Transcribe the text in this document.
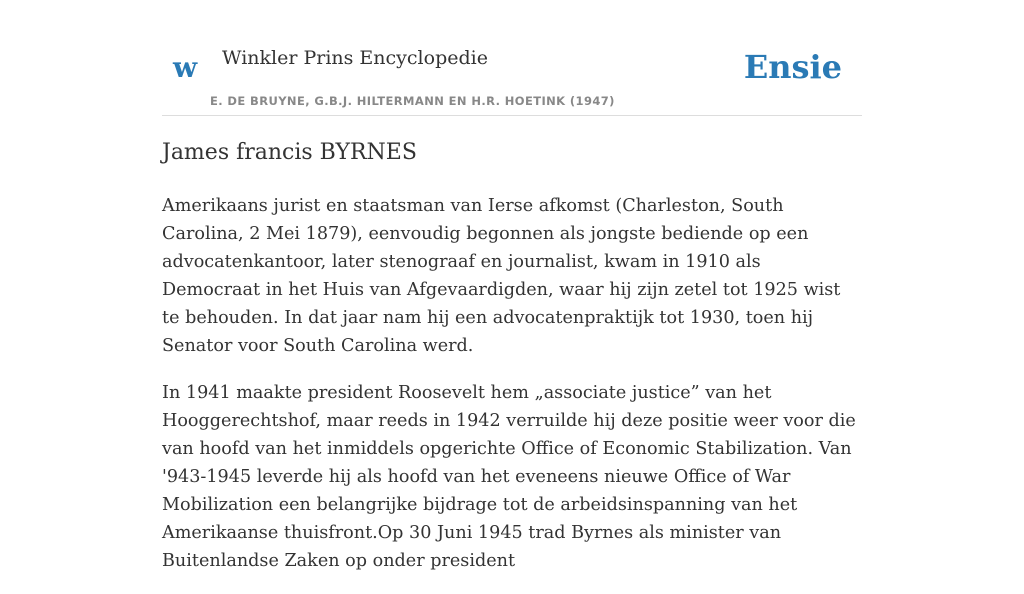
w Winkler Prins Encyclopedie
E. DE BRUYNE, G.B.J. HILTERMANN EN H.R. HOETINK (1947)
Ensie
James francis BYRNES

Amerikaans jurist en staatsman van Ierse afkomst (Charleston, South Carolina, 2 Mei 1879), eenvoudig begonnen als jongste bediende op een advocatenkantoor, later stenograaf en journalist, kwam in 1910 als Democraat in het Huis van Afgevaardigden, waar hij zijn zetel tot 1925 wist te behouden. In dat jaar nam hij een advocatenpraktijk tot 1930, toen hij Senator voor South Carolina werd.

In 1941 maakte president Roosevelt hem „associate justice” van het Hooggerechtshof, maar reeds in 1942 verruilde hij deze positie weer voor die van hoofd van het inmiddels opgerichte Office of Economic Stabilization. Van '943-1945 leverde hij als hoofd van het eveneens nieuwe Office of War Mobilization een belangrijke bijdrage tot de arbeidsinspanning van het Amerikaanse thuisfront.Op 30 Juni 1945 trad Byrnes als minister van Buitenlandse Zaken op onder president
